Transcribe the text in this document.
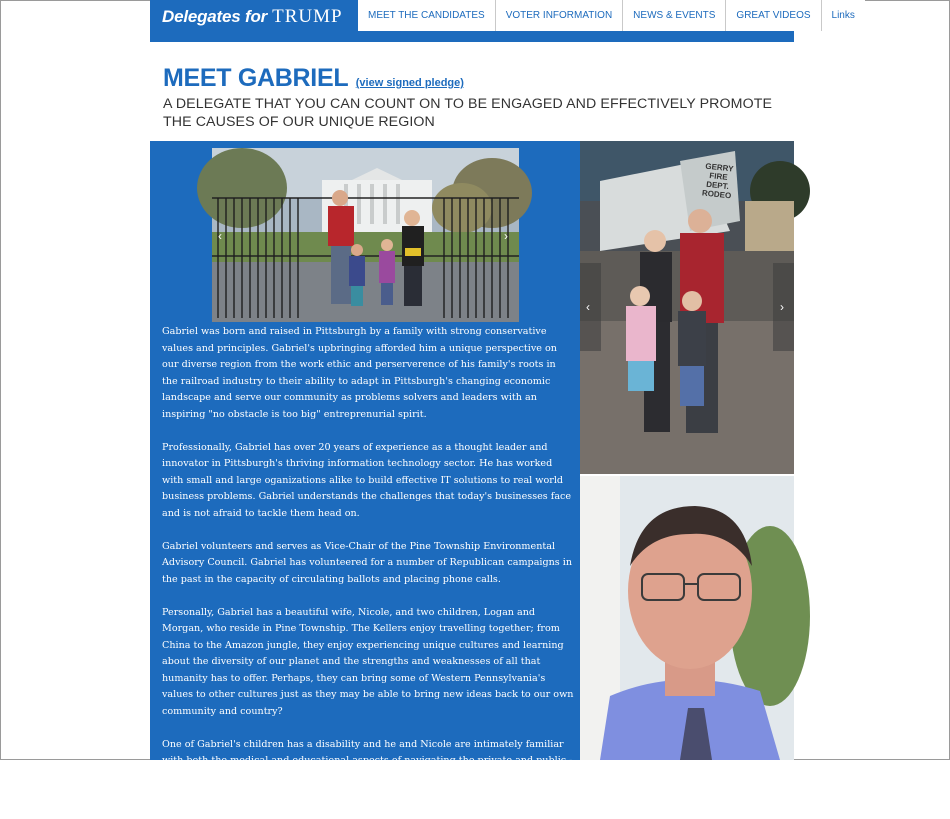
Delegates for TRUMP	MEET THE CANDIDATES	VOTER INFORMATION	NEWS & EVENTS	GREAT VIDEOS	Links
MEET GABRIEL (view signed pledge)
A DELEGATE THAT YOU CAN COUNT ON TO BE ENGAGED AND EFFECTIVELY PROMOTE THE CAUSES OF OUR UNIQUE REGION
‹	›

Gabriel was born and raised in Pittsburgh by a family with strong conservative values and principles. Gabriel's upbringing afforded him a unique perspective on our diverse region from the work ethic and perserverence of his family's roots in the railroad industry to their ability to adapt in Pittsburgh's changing economic landscape and serve our community as problems solvers and leaders with an inspiring "no obstacle is too big" entreprenurial spirit.

Professionally, Gabriel has over 20 years of experience as a thought leader and innovator in Pittsburgh's thriving information technology sector. He has worked with small and large oganizations alike to build effective IT solutions to real world business problems. Gabriel understands the challenges that today's businesses face and is not afraid to tackle them head on.

Gabriel volunteers and serves as Vice-Chair of the Pine Township Environmental Advisory Council. Gabriel has volunteered for a number of Republican campaigns in the past in the capacity of circulating ballots and placing phone calls.

Personally, Gabriel has a beautiful wife, Nicole, and two children, Logan and Morgan, who reside in Pine Township. The Kellers enjoy travelling together; from China to the Amazon jungle, they enjoy experiencing unique cultures and learning about the diversity of our planet and the strengths and weaknesses of all that humanity has to offer. Perhaps, they can bring some of Western Pennsylvania's values to other cultures just as they may be able to bring new ideas back to our own community and country?

One of Gabriel's children has a disability and he and Nicole are intimately familiar with both the medical and educational aspects of navigating the private and public - and often competing - landscape of working to ensure that those with disabilities get the proper

‹	›
GERRY FIRE DEPT. RODEO
